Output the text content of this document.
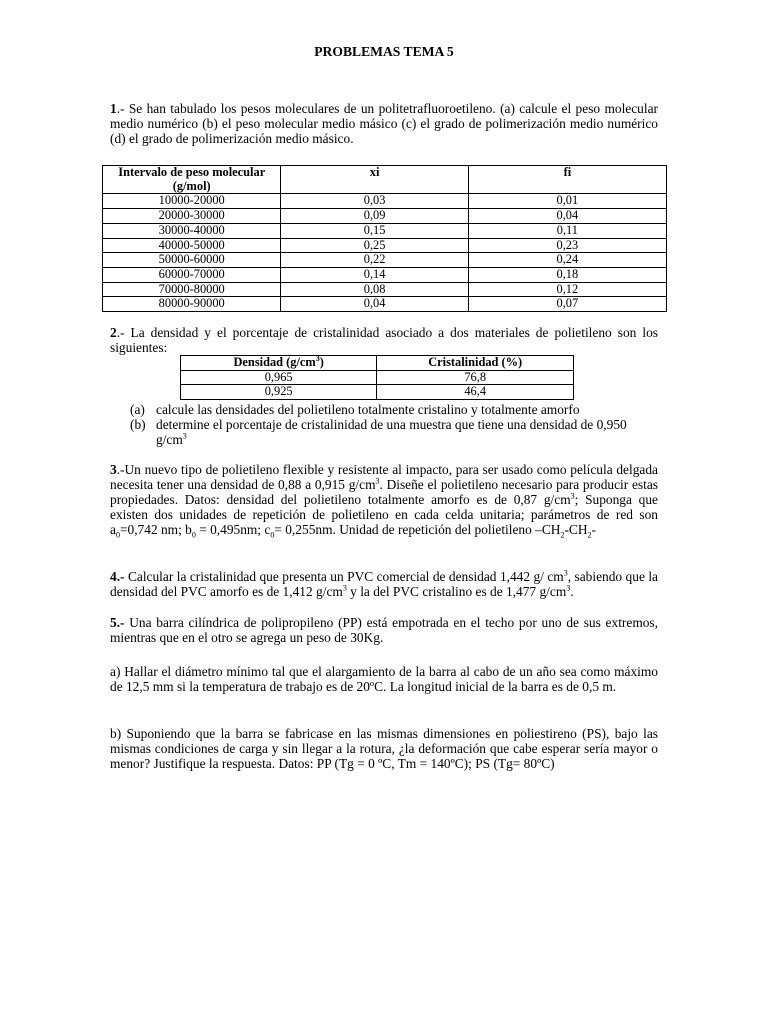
PROBLEMAS TEMA 5
1.- Se han tabulado los pesos moleculares de un politetrafluoroetileno. (a) calcule el peso molecular medio numérico (b) el peso molecular medio másico (c) el grado de polimerización medio numérico (d) el grado de polimerización medio másico.
Intervalo de peso molecular (g/mol)	xi	fi
10000-20000	0,03	0,01
20000-30000	0,09	0,04
30000-40000	0,15	0,11
40000-50000	0,25	0,23
50000-60000	0,22	0,24
60000-70000	0,14	0,18
70000-80000	0,08	0,12
80000-90000	0,04	0,07
2.- La densidad y el porcentaje de cristalinidad asociado a dos materiales de polietileno son los siguientes:
Densidad $(g/cm^3)$	Cristalinidad (%)
0,965	76,8
0,925	46,4
(a) calcule las densidades del polietileno totalmente cristalino y totalmente amorfo
(b) determine el porcentaje de cristalinidad de una muestra que tiene una densidad de 0,950 $g/cm^3$
3.-Un nuevo tipo de polietileno flexible y resistente al impacto, para ser usado como película delgada necesita tener una densidad de 0,88 a 0,915 $g/cm^3$. Diseñe el polietileno necesario para producir estas propiedades. Datos: densidad del polietileno totalmente amorfo es de 0,87 $g/cm^3$; Suponga que existen dos unidades de repetición de polietileno en cada celda unitaria; parámetros de red son $a_0=0,742$ nm; $b_0 = 0,495nm$; $c_0= 0,255nm$. Unidad de repetición del polietileno $-CH_2-CH_2-$
4.- Calcular la cristalinidad que presenta un PVC comercial de densidad 1,442 g/ $cm^3$, sabiendo que la densidad del PVC amorfo es de 1,412 $g/cm^3$ y la del PVC cristalino es de 1,477 $g/cm^3$.
5.- Una barra cilíndrica de polipropileno (PP) está empotrada en el techo por uno de sus extremos, mientras que en el otro se agrega un peso de 30Kg.
a) Hallar el diámetro mínimo tal que el alargamiento de la barra al cabo de un año sea como máximo de 12,5 mm si la temperatura de trabajo es de 20ºC. La longitud inicial de la barra es de 0,5 m.
b) Suponiendo que la barra se fabricase en las mismas dimensiones en poliestireno (PS), bajo las mismas condiciones de carga y sin llegar a la rotura, ¿la deformación que cabe esperar sería mayor o menor? Justifique la respuesta. Datos: PP (Tg = 0 ºC, Tm = 140ºC); PS (Tg= 80ºC)
